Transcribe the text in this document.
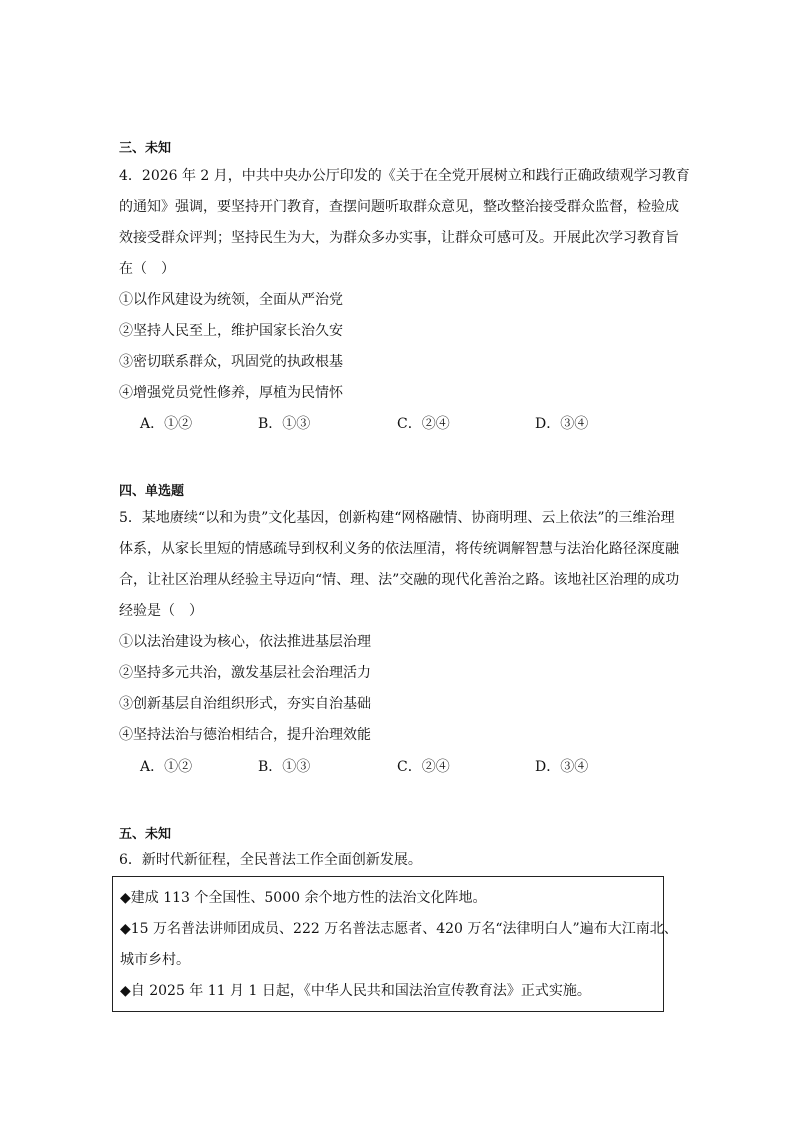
三、未知
4．2026 年 2 月，中共中央办公厅印发的《关于在全党开展树立和践行正确政绩观学习教育
的通知》强调，要坚持开门教育，查摆问题听取群众意见，整改整治接受群众监督，检验成
效接受群众评判；坚持民生为大，为群众多办实事，让群众可感可及。开展此次学习教育旨
在（　）
①以作风建设为统领，全面从严治党
②坚持人民至上，维护国家长治久安
③密切联系群众，巩固党的执政根基
④增强党员党性修养，厚植为民情怀
A．①②	B．①③	C．②④	D．③④
四、单选题
5．某地赓续“以和为贵”文化基因，创新构建“网格融情、协商明理、云上依法”的三维治理
体系，从家长里短的情感疏导到权利义务的依法厘清，将传统调解智慧与法治化路径深度融
合，让社区治理从经验主导迈向“情、理、法”交融的现代化善治之路。该地社区治理的成功
经验是（　）
①以法治建设为核心，依法推进基层治理
②坚持多元共治，激发基层社会治理活力
③创新基层自治组织形式，夯实自治基础
④坚持法治与德治相结合，提升治理效能
A．①②	B．①③	C．②④	D．③④
五、未知
6．新时代新征程，全民普法工作全面创新发展。
◆建成 113 个全国性、5000 余个地方性的法治文化阵地。
◆15 万名普法讲师团成员、222 万名普法志愿者、420 万名“法律明白人”遍布大江南北、
城市乡村。
◆自 2025 年 11 月 1 日起，《中华人民共和国法治宣传教育法》正式实施。
